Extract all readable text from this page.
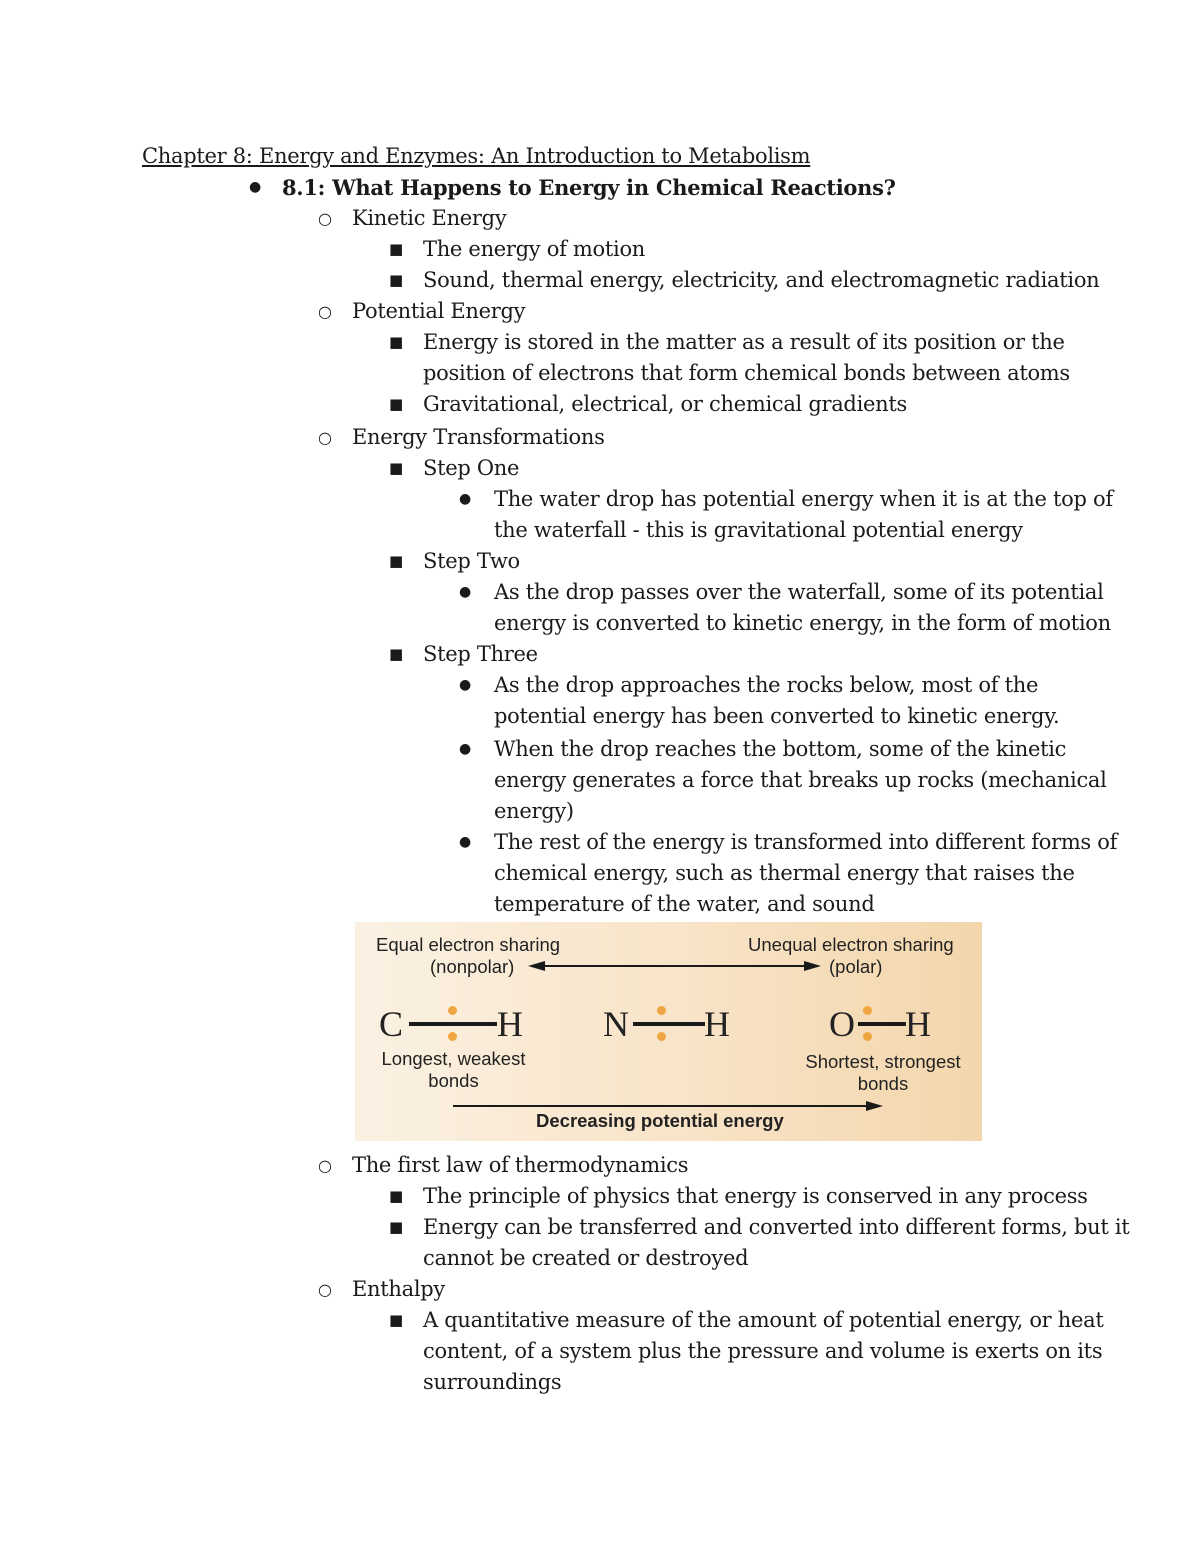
Chapter 8: Energy and Enzymes: An Introduction to Metabolism
● 8.1: What Happens to Energy in Chemical Reactions?
○ Kinetic Energy
■ The energy of motion
■ Sound, thermal energy, electricity, and electromagnetic radiation
○ Potential Energy
■ Energy is stored in the matter as a result of its position or the
position of electrons that form chemical bonds between atoms
■ Gravitational, electrical, or chemical gradients
○ Energy Transformations
■ Step One
● The water drop has potential energy when it is at the top of
the waterfall - this is gravitational potential energy
■ Step Two
● As the drop passes over the waterfall, some of its potential
energy is converted to kinetic energy, in the form of motion
■ Step Three
● As the drop approaches the rocks below, most of the
potential energy has been converted to kinetic energy.
● When the drop reaches the bottom, some of the kinetic
energy generates a force that breaks up rocks (mechanical
energy)
● The rest of the energy is transformed into different forms of
chemical energy, such as thermal energy that raises the
temperature of the water, and sound
Equal electron sharing
(nonpolar)
Unequal electron sharing
(polar)
C	H N H	O H
Longest, weakest
bonds
Shortest, strongest
bonds
Decreasing potential energy
○ The first law of thermodynamics
■ The principle of physics that energy is conserved in any process
■ Energy can be transferred and converted into different forms, but it
cannot be created or destroyed
○ Enthalpy
■ A quantitative measure of the amount of potential energy, or heat
content, of a system plus the pressure and volume is exerts on its
surroundings
